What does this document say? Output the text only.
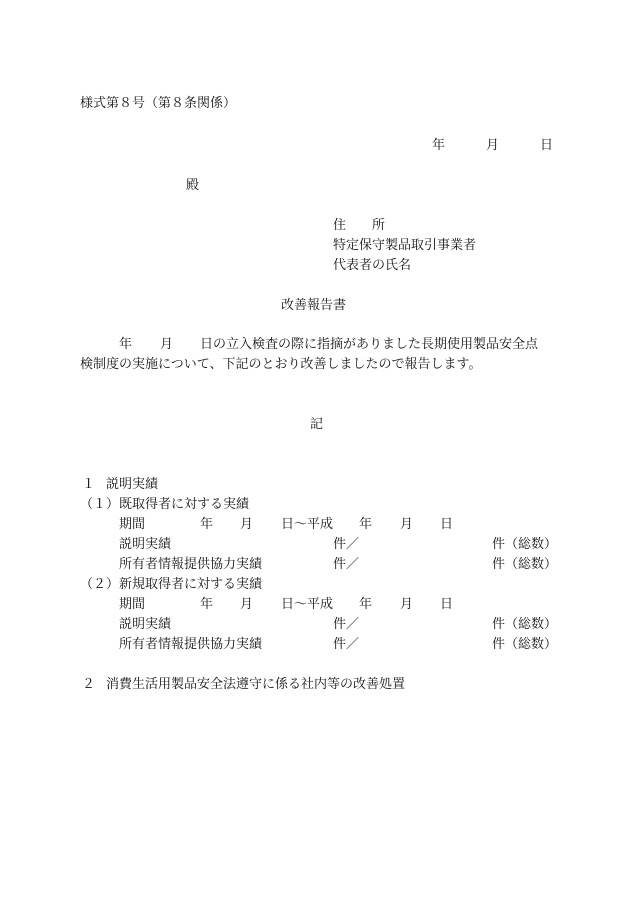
様式第８号（第８条関係）
年	月	日
殿
住　　所
特定保守製品取引事業者
代表者の氏名
改善報告書
年 月 日の立入検査の際に指摘がありました長期使用製品安全点
検制度の実施について、下記のとおり改善しましたので報告します。
記
１ 説明実績
（１）既取得者に対する実績
期間	年 月 日～平成 年 月 日
説明実績	件／	件（総数）
所有者情報提供協力実績	件／	件（総数）
（２）新規取得者に対する実績
期間	年 月 日～平成 年 月 日
説明実績	件／	件（総数）
所有者情報提供協力実績	件／	件（総数）
２ 消費生活用製品安全法遵守に係る社内等の改善処置
